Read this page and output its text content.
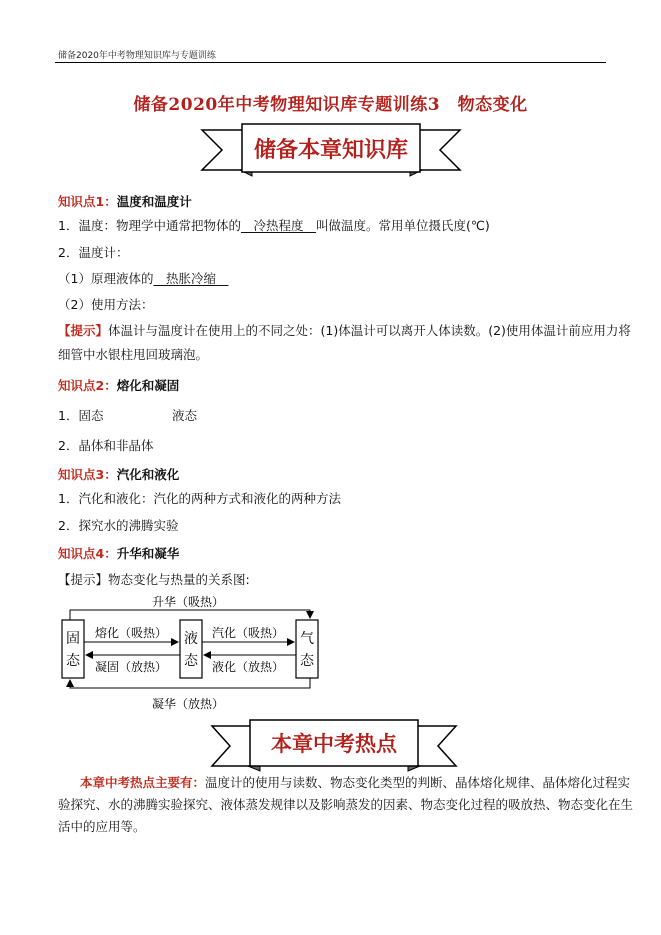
储备2020年中考物理知识库与专题训练
储备2020年中考物理知识库专题训练3　物态变化
储备本章知识库
知识点1：温度和温度计
1．温度：物理学中通常把物体的　冷热程度　叫做温度。常用单位摄氏度(℃)
2．温度计：
（1）原理液体的　热胀冷缩　
（2）使用方法：
【提示】体温计与温度计在使用上的不同之处：(1)体温计可以离开人体读数。(2)使用体温计前应用力将
细管中水银柱甩回玻璃泡。
知识点2：熔化和凝固
1．固态	液态
2．晶体和非晶体
知识点3：汽化和液化
1．汽化和液化：汽化的两种方式和液化的两种方法
2．探究水的沸腾实验
知识点4：升华和凝华
【提示】物态变化与热量的关系图:
固
态
液
态
气
态
升华（吸热）
熔化（吸热）
凝固（放热）
汽化（吸热）
液化（放热）
凝华（放热）
本章中考热点
本章中考热点主要有：温度计的使用与读数、物态变化类型的判断、晶体熔化规律、晶体熔化过程实
验探究、水的沸腾实验探究、液体蒸发规律以及影响蒸发的因素、物态变化过程的吸放热、物态变化在生
活中的应用等。
